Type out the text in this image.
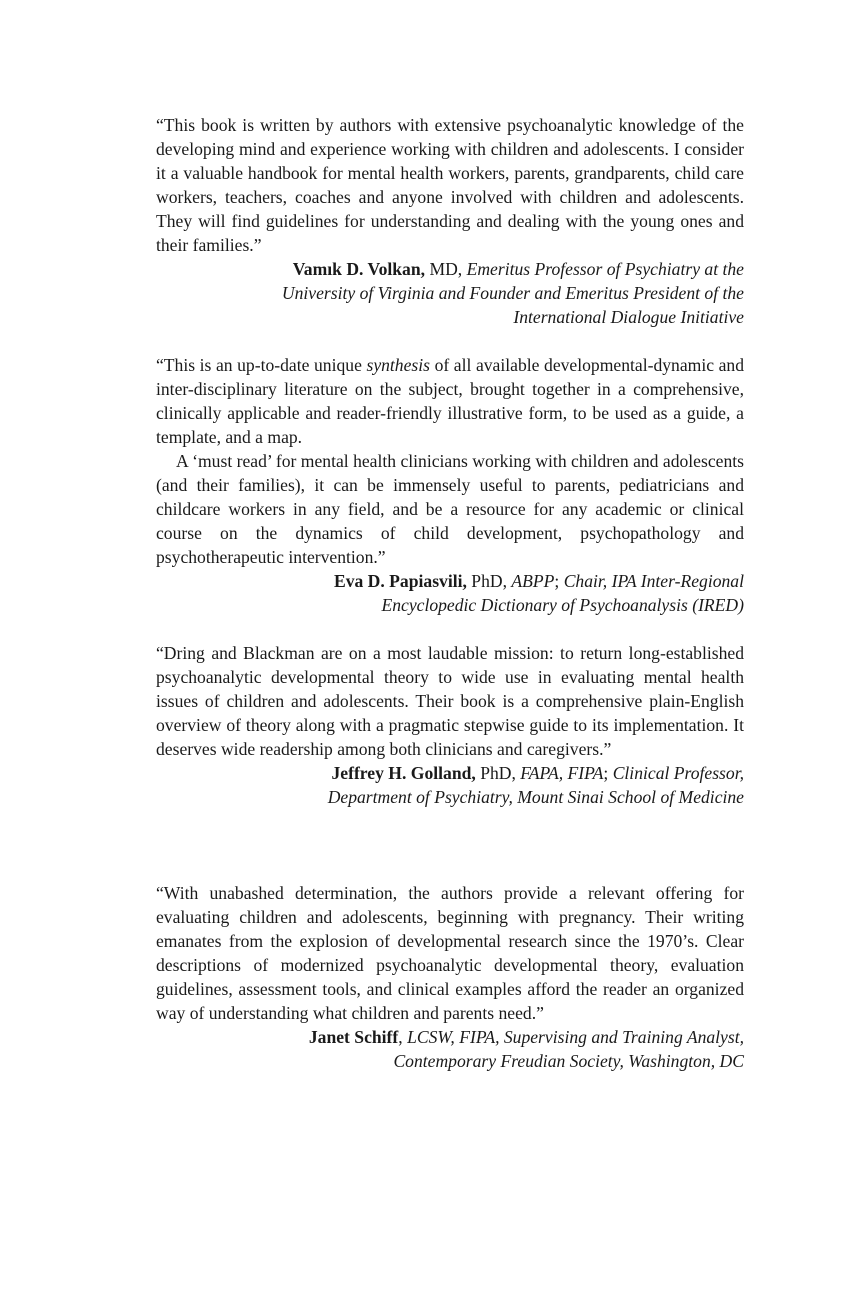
“This book is written by authors with extensive psychoanalytic knowledge of the developing mind and experience working with children and adolescents. I consider it a valuable handbook for mental health workers, parents, grandparents, child care workers, teachers, coaches and anyone involved with children and adolescents. They will find guidelines for understanding and dealing with the young ones and their families.”

Vamık D. Volkan, MD, Emeritus Professor of Psychiatry at the
University of Virginia and Founder and Emeritus President of the
International Dialogue Initiative

“This is an up-to-date unique synthesis of all available developmental-dynamic and inter-disciplinary literature on the subject, brought together in a comprehensive, clinically applicable and reader-friendly illustrative form, to be used as a guide, a template, and a map.

A ‘must read’ for mental health clinicians working with children and adolescents (and their families), it can be immensely useful to parents, pediatricians and childcare workers in any field, and be a resource for any academic or clinical course on the dynamics of child development, psychopathology and psychotherapeutic intervention.”

Eva D. Papiasvili, PhD, ABPP; Chair, IPA Inter-Regional
Encyclopedic Dictionary of Psychoanalysis (IRED)

“Dring and Blackman are on a most laudable mission: to return long-established psychoanalytic developmental theory to wide use in evaluating mental health issues of children and adolescents. Their book is a comprehensive plain-English overview of theory along with a pragmatic stepwise guide to its implementation. It deserves wide readership among both clinicians and caregivers.”

Jeffrey H. Golland, PhD, FAPA, FIPA; Clinical Professor,
Department of Psychiatry, Mount Sinai School of Medicine

“With unabashed determination, the authors provide a relevant offering for evaluating children and adolescents, beginning with pregnancy. Their writing emanates from the explosion of developmental research since the 1970’s. Clear descriptions of modernized psychoanalytic developmental theory, evaluation guidelines, assessment tools, and clinical examples afford the reader an organized way of understanding what children and parents need.”

Janet Schiff, LCSW, FIPA, Supervising and Training Analyst,
Contemporary Freudian Society, Washington, DC
